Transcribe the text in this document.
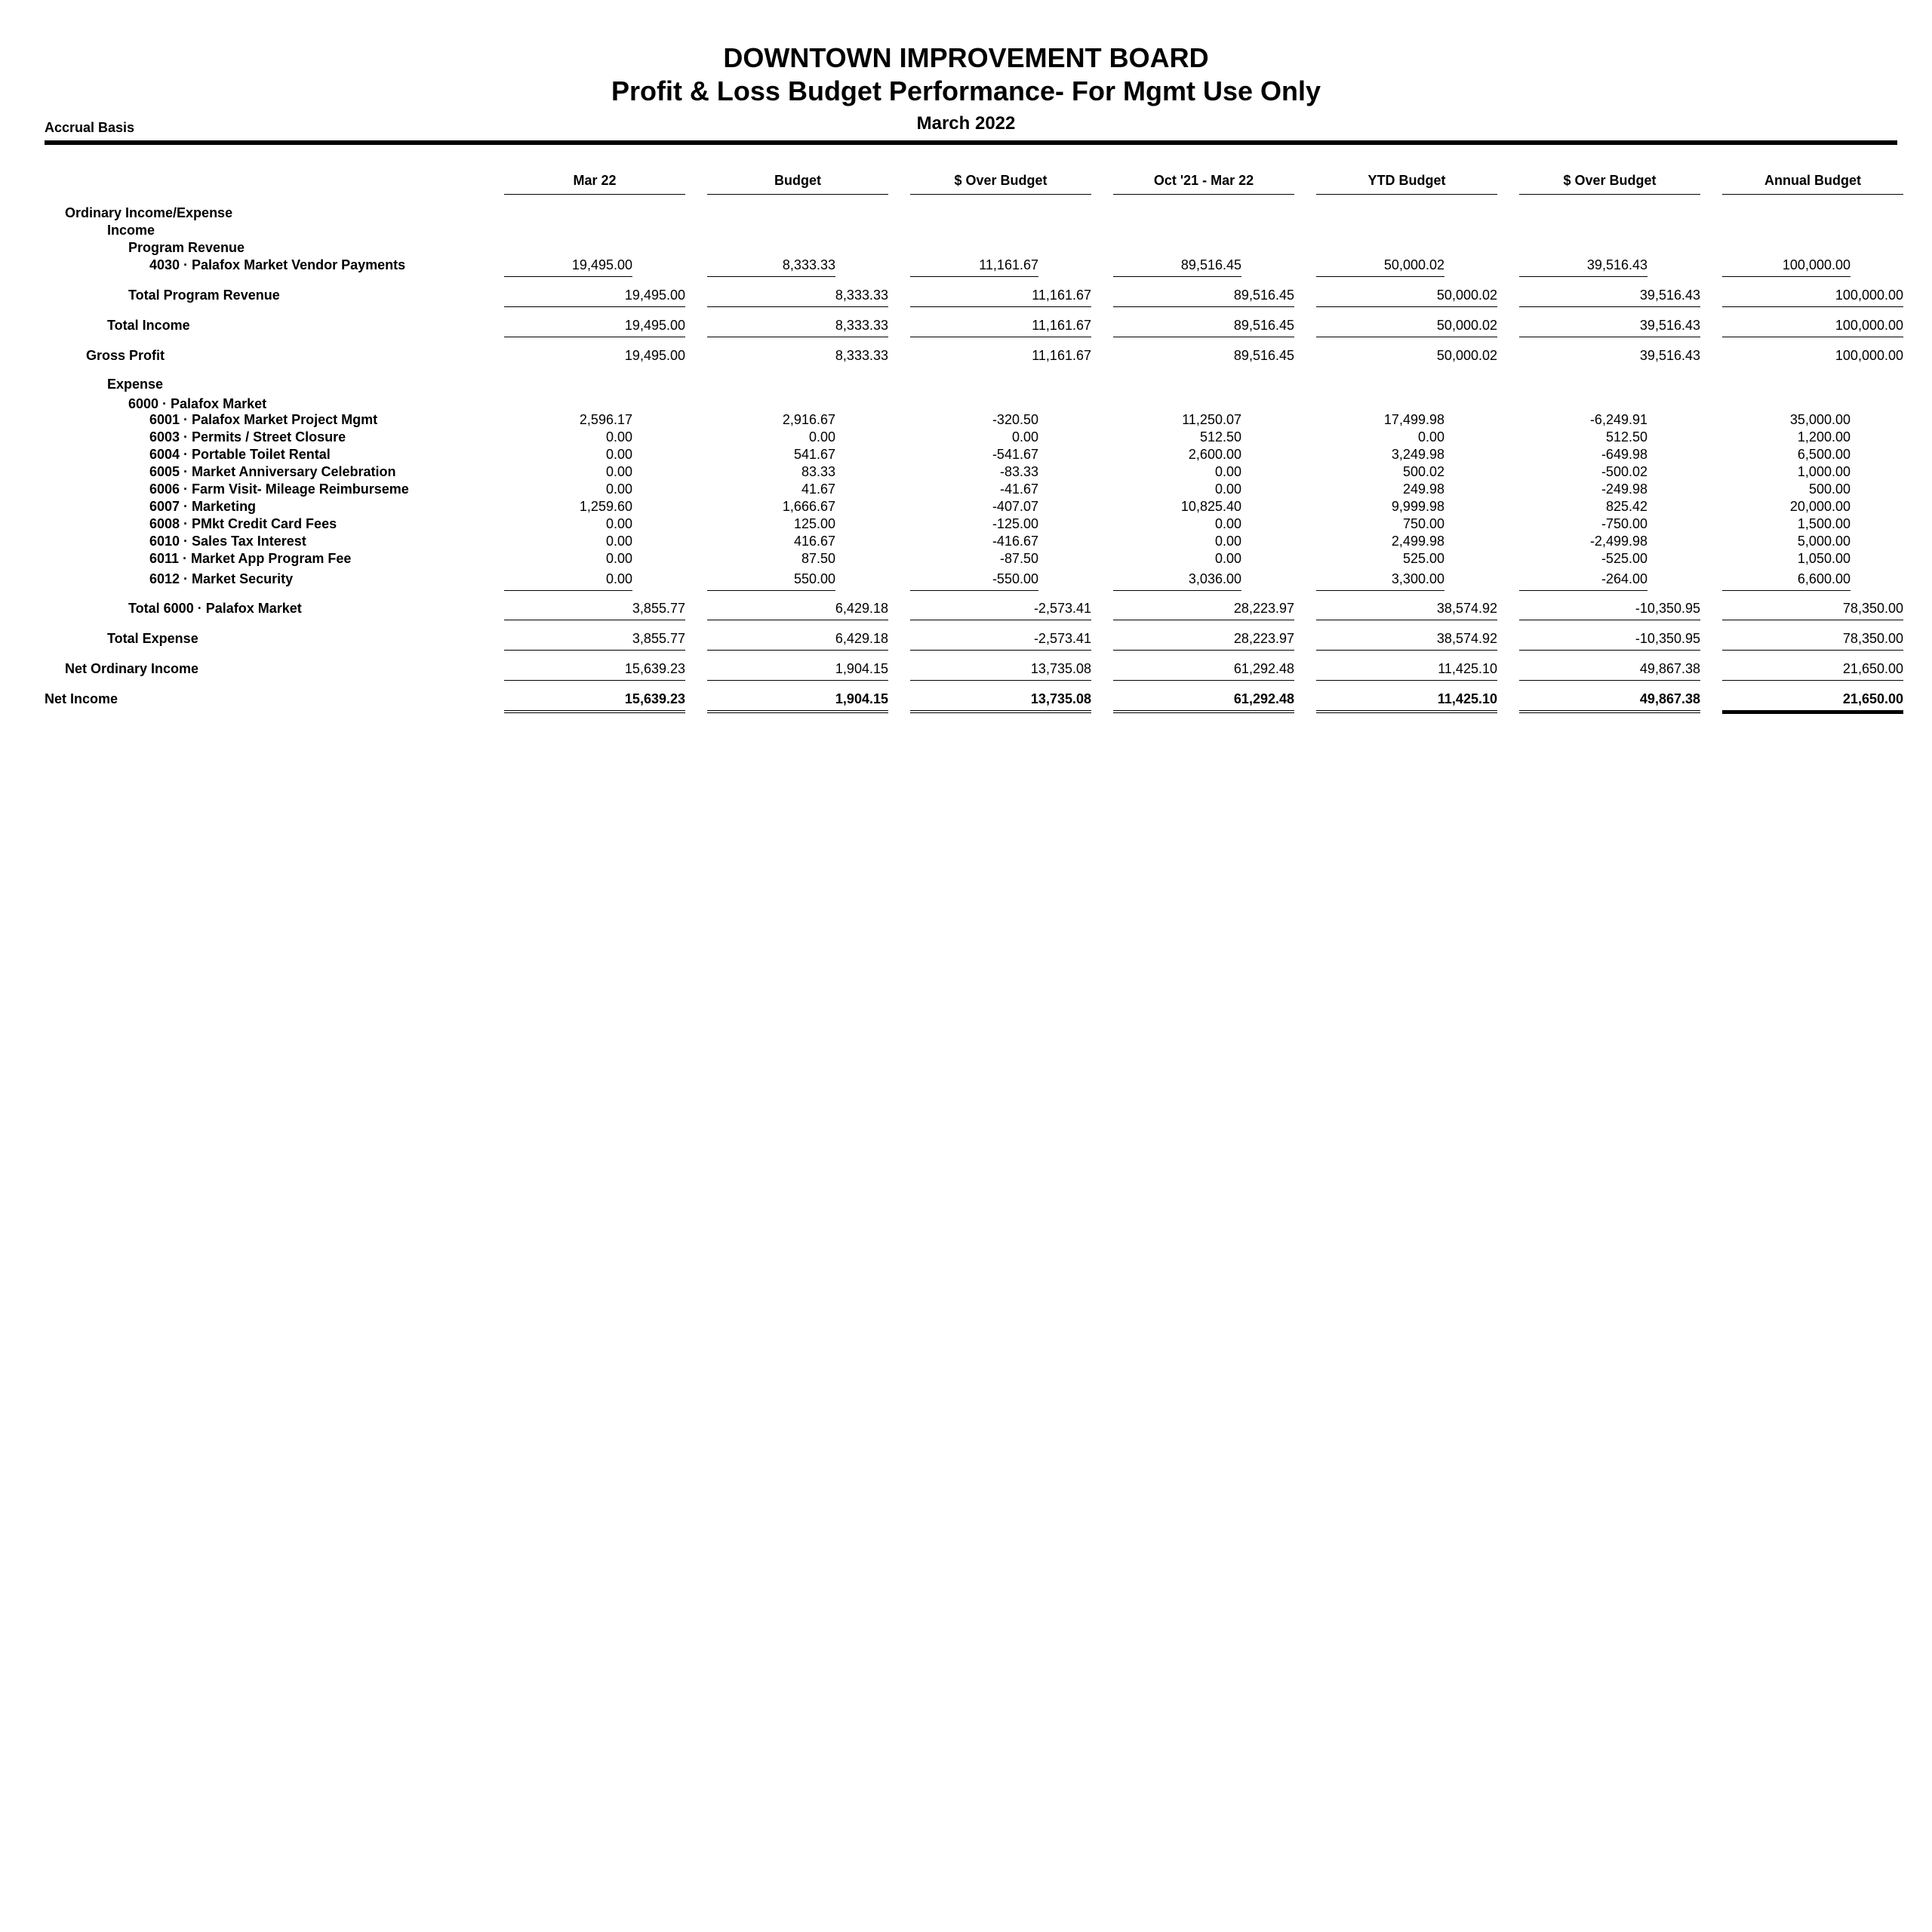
DOWNTOWN IMPROVEMENT BOARD
Profit & Loss Budget Performance- For Mgmt Use Only
March 2022
Accrual Basis
Mar 22	Budget	$ Over Budget	Oct '21 - Mar 22	YTD Budget	$ Over Budget	Annual Budget
Ordinary Income/Expense
Income
Program Revenue
Expense
6000 · Palafox Market
4030 · Palafox Market Vendor Payments	19,495.00	8,333.33	11,161.67	89,516.45	50,000.02	39,516.43	100,000.00
Total Program Revenue	19,495.00	8,333.33	11,161.67	89,516.45	50,000.02	39,516.43	100,000.00
Total Income	19,495.00	8,333.33	11,161.67	89,516.45	50,000.02	39,516.43	100,000.00
Gross Profit	19,495.00	8,333.33	11,161.67	89,516.45	50,000.02	39,516.43	100,000.00
6001 · Palafox Market Project Mgmt	2,596.17	2,916.67	-320.50	11,250.07	17,499.98	-6,249.91	35,000.00
6003 · Permits / Street Closure	0.00	0.00	0.00	512.50	0.00	512.50	1,200.00
6004 · Portable Toilet Rental	0.00	541.67	-541.67	2,600.00	3,249.98	-649.98	6,500.00
6005 · Market Anniversary Celebration	0.00	83.33	-83.33	0.00	500.02	-500.02	1,000.00
6006 · Farm Visit- Mileage Reimburseme	0.00	41.67	-41.67	0.00	249.98	-249.98	500.00
6007 · Marketing	1,259.60	1,666.67	-407.07	10,825.40	9,999.98	825.42	20,000.00
6008 · PMkt Credit Card Fees	0.00	125.00	-125.00	0.00	750.00	-750.00	1,500.00
6010 · Sales Tax Interest	0.00	416.67	-416.67	0.00	2,499.98	-2,499.98	5,000.00
6011 · Market App Program Fee	0.00	87.50	-87.50	0.00	525.00	-525.00	1,050.00
6012 · Market Security	0.00	550.00	-550.00	3,036.00	3,300.00	-264.00	6,600.00
Total 6000 · Palafox Market	3,855.77	6,429.18	-2,573.41	28,223.97	38,574.92	-10,350.95	78,350.00
Total Expense	3,855.77	6,429.18	-2,573.41	28,223.97	38,574.92	-10,350.95	78,350.00
Net Ordinary Income	15,639.23	1,904.15	13,735.08	61,292.48	11,425.10	49,867.38	21,650.00
Net Income	15,639.23	1,904.15	13,735.08	61,292.48	11,425.10	49,867.38	21,650.00
